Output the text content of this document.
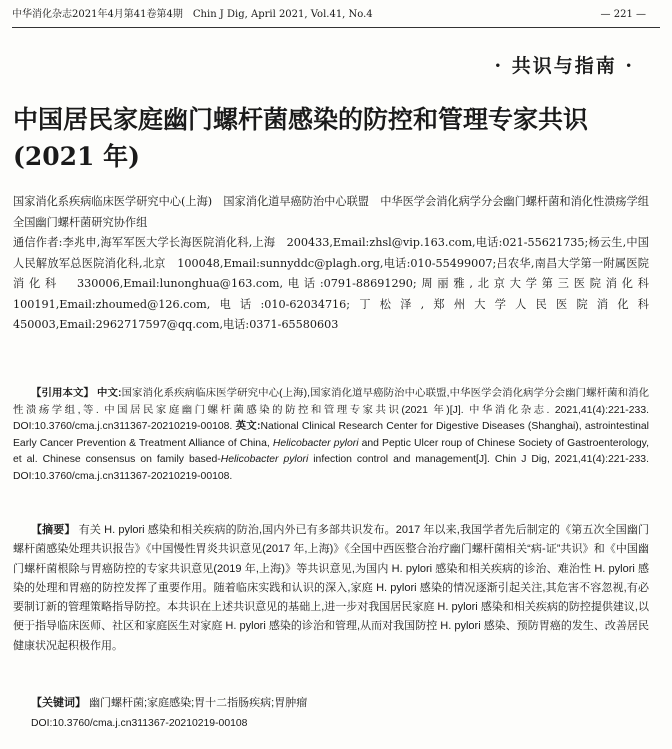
中华消化杂志2021年4月第41卷第4期　Chin J Dig, April 2021, Vol.41, No.4	— 221 —
· 共识与指南 ·
中国居民家庭幽门螺杆菌感染的防控和管理专家共识(2021 年)

国家消化系疾病临床医学研究中心(上海)　国家消化道早癌防治中心联盟　中华医学会消化病学分会幽门螺杆菌和消化性溃疡学组　全国幽门螺杆菌研究协作组

通信作者:李兆申,海军军医大学长海医院消化科,上海　200433,Email:zhsl@vip.163.com,电话:021-55621735;杨云生,中国人民解放军总医院消化科,北京　100048,Email:sunnyddc@plagh.org,电话:010-55499007;吕农华,南昌大学第一附属医院消化科　330006,Email:lunonghua@163.com,电话:0791-88691290;周丽雅,北京大学第三医院消化科　100191,Email:zhoumed@126.com,电话:010-62034716;丁松泽,郑州大学人民医院消化科　450003,Email:2962717597@qq.com,电话:0371-65580603

【引用本文】 中文:国家消化系疾病临床医学研究中心(上海),国家消化道早癌防治中心联盟,中华医学会消化病学分会幽门螺杆菌和消化性溃疡学组,等. 中国居民家庭幽门螺杆菌感染的防控和管理专家共识(2021 年)[J]. 中华消化杂志. 2021,41(4):221-233. DOI:10.3760/cma.j.cn311367-20210219-00108. 英文:National Clinical Research Center for Digestive Diseases (Shanghai), astrointestinal Early Cancer Prevention & Treatment Alliance of China, Helicobacter pylori and Peptic Ulcer roup of Chinese Society of Gastroenterology, et al. Chinese consensus on family based-Helicobacter pylori infection control and management[J]. Chin J Dig, 2021,41(4):221-233. DOI:10.3760/cma.j.cn311367-20210219-00108.

【摘要】 有关 H. pylori 感染和相关疾病的防治,国内外已有多部共识发布。2017 年以来,我国学者先后制定的《第五次全国幽门螺杆菌感染处理共识报告》《中国慢性胃炎共识意见(2017 年,上海)》《全国中西医整合治疗幽门螺杆菌相关“病-证”共识》和《中国幽门螺杆菌根除与胃癌防控的专家共识意见(2019 年,上海)》等共识意见,为国内 H. pylori 感染和相关疾病的诊治、难治性 H. pylori 感染的处理和胃癌的防控发挥了重要作用。随着临床实践和认识的深入,家庭 H. pylori 感染的情况逐渐引起关注,其危害不容忽视,有必要制订新的管理策略指导防控。本共识在上述共识意见的基础上,进一步对我国居民家庭 H. pylori 感染和相关疾病的防控提供建议,以便于指导临床医师、社区和家庭医生对家庭 H. pylori 感染的诊治和管理,从而对我国防控 H. pylori 感染、预防胃癌的发生、改善居民健康状况起积极作用。

【关键词】 幽门螺杆菌;家庭感染;胃十二指肠疾病;胃肿瘤

DOI:10.3760/cma.j.cn311367-20210219-00108
